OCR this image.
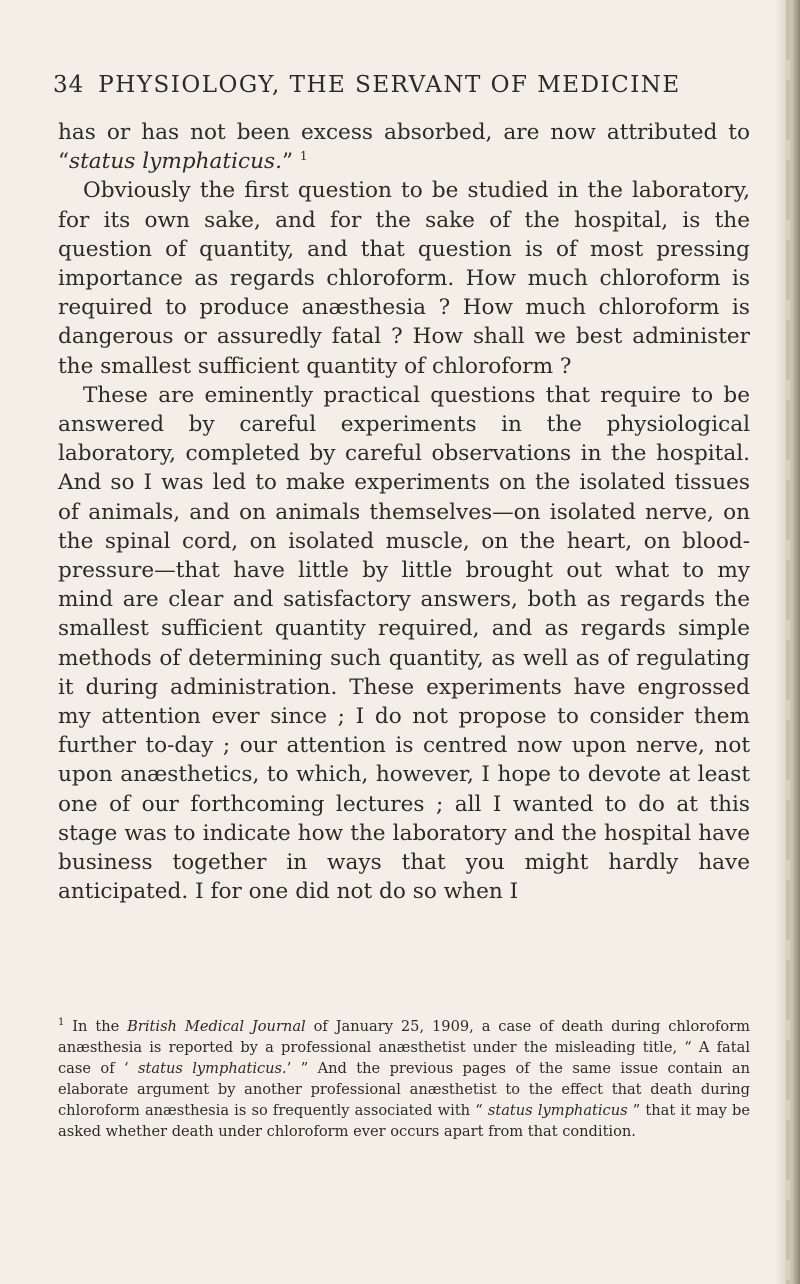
34 PHYSIOLOGY, THE SERVANT OF MEDICINE

has or has not been excess absorbed, are now attributed to “status lymphaticus.” $^1$

Obviously the first question to be studied in the laboratory, for its own sake, and for the sake of the hospital, is the question of quantity, and that question is of most pressing importance as regards chloroform. How much chloroform is required to produce anæsthesia ? How much chloroform is dangerous or assuredly fatal ? How shall we best administer the smallest sufficient quantity of chloroform ?

These are eminently practical questions that require to be answered by careful experiments in the physiological laboratory, completed by careful observations in the hospital. And so I was led to make experiments on the isolated tissues of animals, and on animals themselves—on isolated nerve, on the spinal cord, on isolated muscle, on the heart, on blood-pressure—that have little by little brought out what to my mind are clear and satisfactory answers, both as regards the smallest sufficient quantity required, and as regards simple methods of determining such quantity, as well as of regulating it during administration. These experiments have engrossed my attention ever since ; I do not propose to consider them further to-day ; our attention is centred now upon nerve, not upon anæsthetics, to which, however, I hope to devote at least one of our forthcoming lectures ; all I wanted to do at this stage was to indicate how the laboratory and the hospital have business together in ways that you might hardly have anticipated. I for one did not do so when I

$^1$ In the British Medical Journal of January 25, 1909, a case of death during chloroform anæsthesia is reported by a professional anæsthetist under the misleading title, “ A fatal case of ‘ status lymphaticus.’ ” And the previous pages of the same issue contain an elaborate argument by another professional anæsthetist to the effect that death during chloroform anæsthesia is so frequently associated with “ status lymphaticus ” that it may be asked whether death under chloroform ever occurs apart from that condition.
